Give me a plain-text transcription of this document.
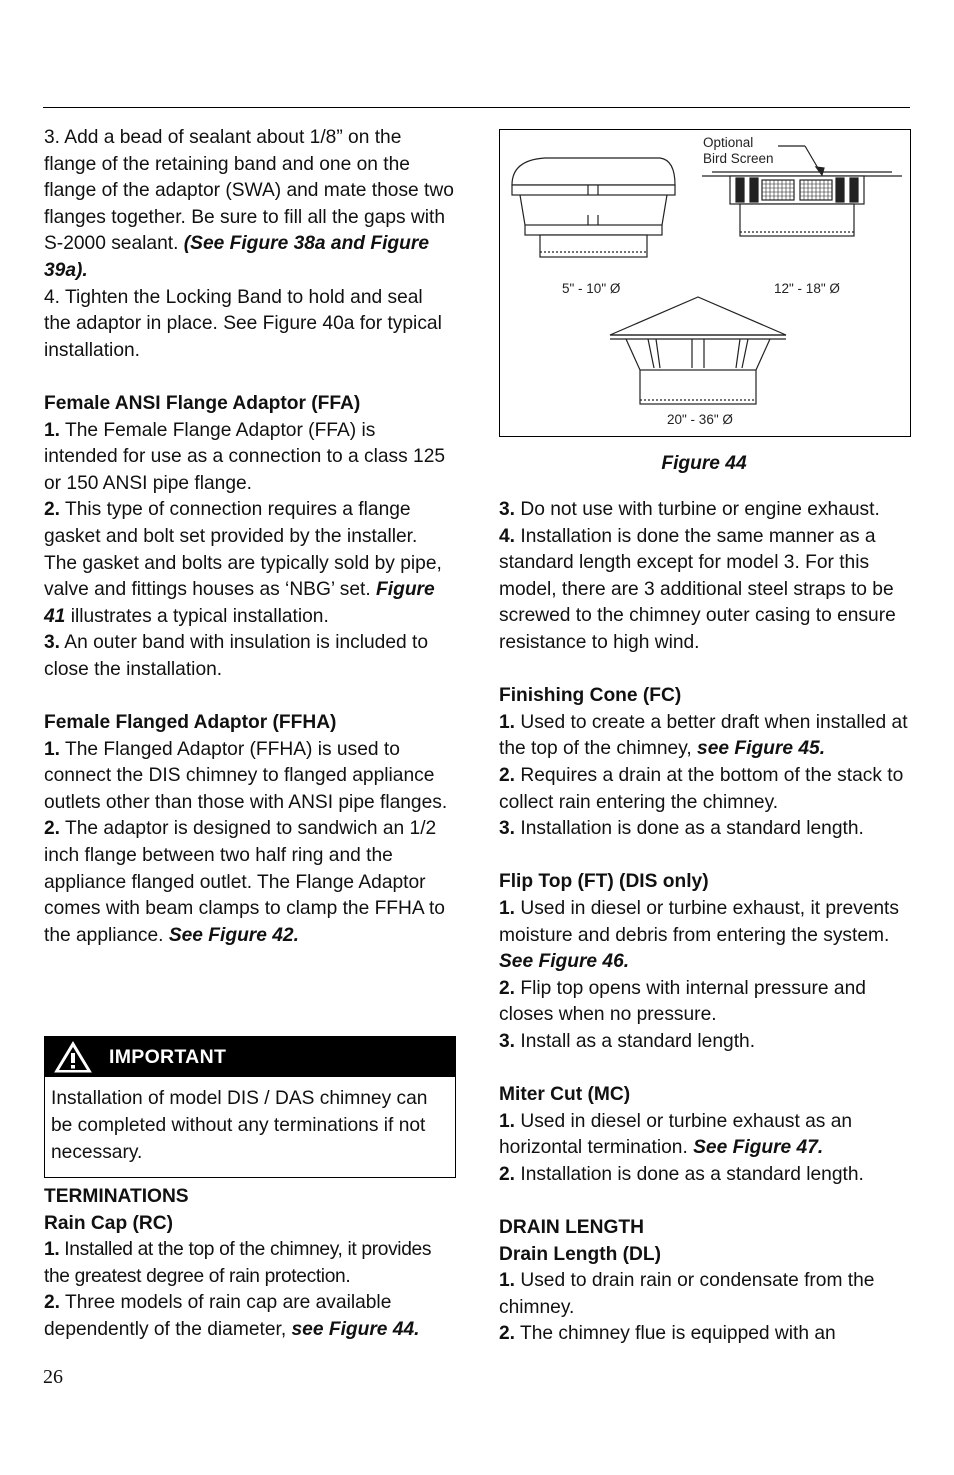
3. Add a bead of sealant about 1/8” on the flange of the retaining band and one on the flange of the adaptor (SWA) and mate those two flanges together. Be sure to fill all the gaps with S-2000 sealant. (See Figure 38a and Figure 39a).

4. Tighten the Locking Band to hold and seal the adaptor in place. See Figure 40a for typical installation.

Female ANSI Flange Adaptor (FFA)

1. The Female Flange Adaptor (FFA) is intended for use as a connection to a class 125 or 150 ANSI pipe flange.

2. This type of connection requires a flange gasket and bolt set provided by the installer. The gasket and bolts are typically sold by pipe, valve and fittings houses as ‘NBG’ set. Figure 41 illustrates a typical installation.

3. An outer band with insulation is included to close the installation.

Female Flanged Adaptor (FFHA)

1. The Flanged Adaptor (FFHA) is used to connect the DIS chimney to flanged appliance outlets other than those with ANSI pipe flanges.

2. The adaptor is designed to sandwich an 1/2 inch flange between two half ring and the appliance flanged outlet. The Flange Adaptor comes with beam clamps to clamp the FFHA to the appliance. See Figure 42.

IMPORTANT
Installation of model DIS / DAS chimney can be completed without any terminations if not necessary.

TERMINATIONS

Rain Cap (RC)

1. Installed at the top of the chimney, it provides the greatest degree of rain protection.

2. Three models of rain cap are available dependently of the diameter, see Figure 44.

Optional
Bird Screen
5" - 10" Ø	12" - 18" Ø
20" - 36" Ø
Figure 44

3. Do not use with turbine or engine exhaust.

4. Installation is done the same manner as a standard length except for model 3. For this model, there are 3 additional steel straps to be screwed to the chimney outer casing to ensure resistance to high wind.

Finishing Cone (FC)

1. Used to create a better draft when installed at the top of the chimney, see Figure 45.

2. Requires a drain at the bottom of the stack to collect rain entering the chimney.

3. Installation is done as a standard length.

Flip Top (FT) (DIS only)

1. Used in diesel or turbine exhaust, it prevents moisture and debris from entering the system. See Figure 46.

2. Flip top opens with internal pressure and closes when no pressure.

3. Install as a standard length.

Miter Cut (MC)

1. Used in diesel or turbine exhaust as an horizontal termination. See Figure 47.

2. Installation is done as a standard length.

DRAIN LENGTH

Drain Length (DL)

1. Used to drain rain or condensate from the chimney.

2. The chimney flue is equipped with an

26
